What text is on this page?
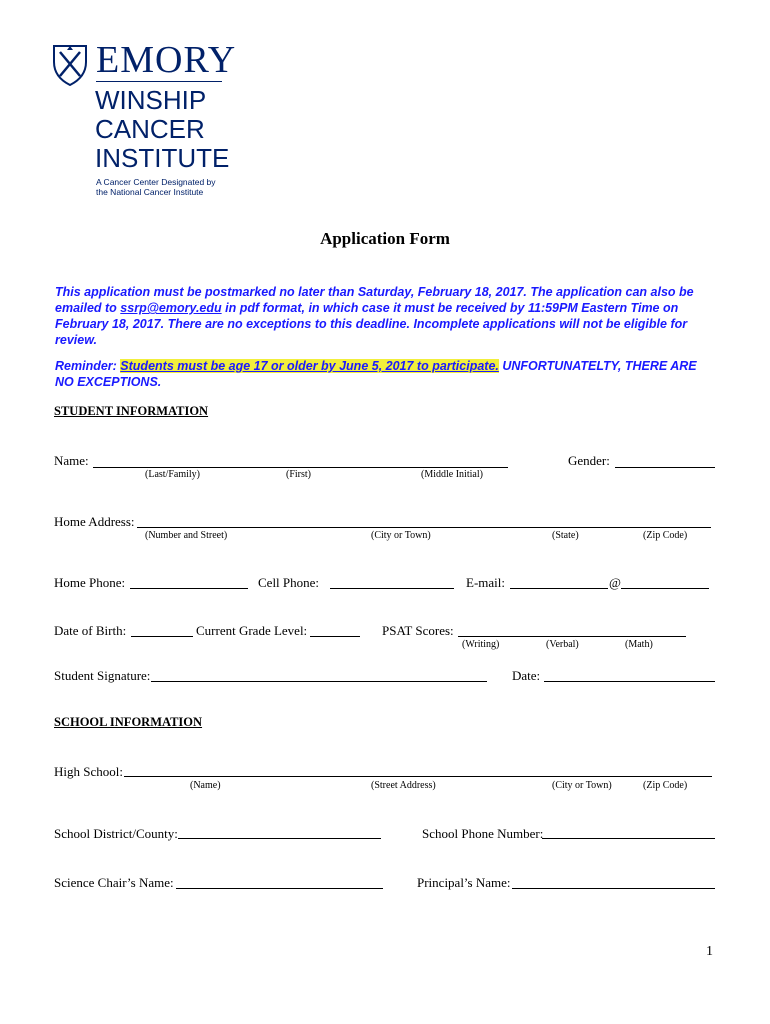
EMORY
WINSHIP
CANCER
INSTITUTE
A Cancer Center Designated by
the National Cancer Institute
Application Form
This application must be postmarked no later than Saturday, February 18, 2017. The application can also be emailed to ssrp@emory.edu in pdf format, in which case it must be received by 11:59PM Eastern Time on February 18, 2017. There are no exceptions to this deadline. Incomplete applications will not be eligible for review.
Reminder: Students must be age 17 or older by June 5, 2017 to participate. UNFORTUNATELTY, THERE ARE NO EXCEPTIONS.
STUDENT INFORMATION
Name:
(Last/Family)	(First)	(Middle Initial)
Gender:
Home Address:
(Number and Street)	(City or Town)	(State)	(Zip Code)
Home Phone:	Cell Phone:	E-mail:	@
Date of Birth:	Current Grade Level:	PSAT Scores:
(Writing)	(Verbal)	(Math)
Student Signature:	Date:
SCHOOL INFORMATION
High School:
(Name)	(Street Address)	(City or Town)	(Zip Code)
School District/County:	School Phone Number:
Science Chair’s Name:	Principal’s Name:
1
